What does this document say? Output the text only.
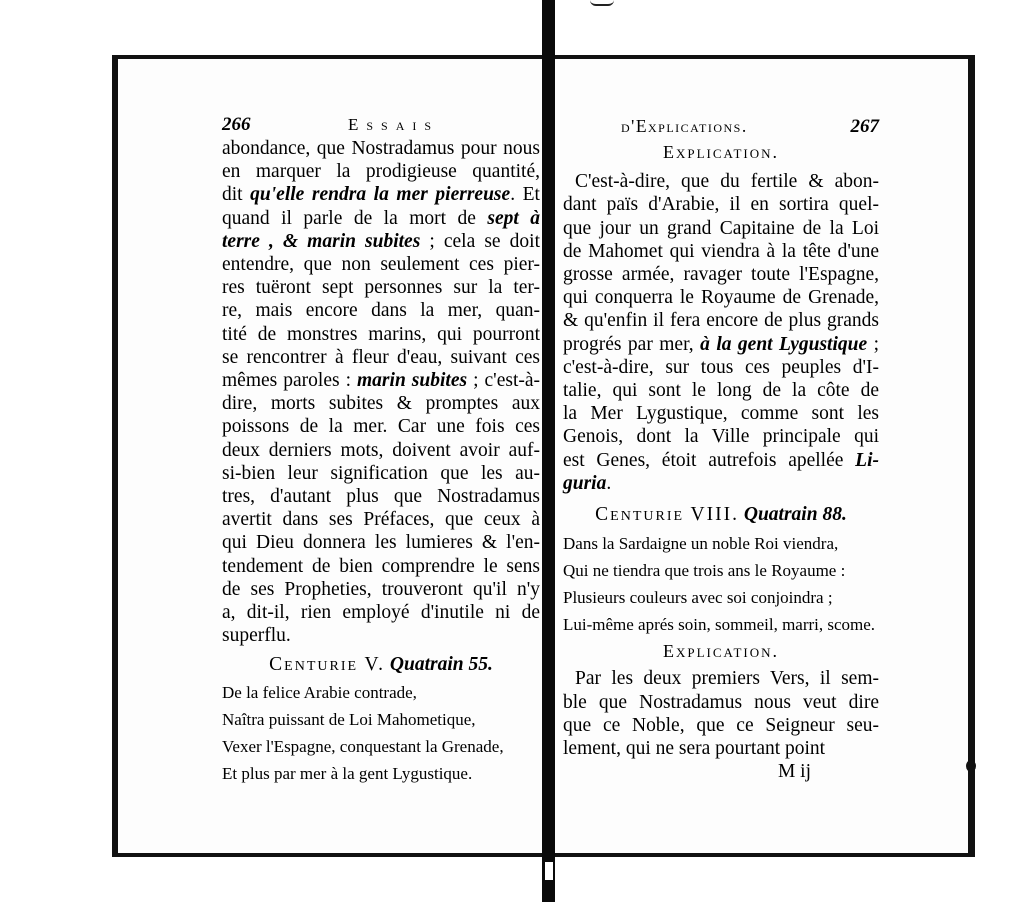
266	Essais
abondance, que Nostradamus pour nous
en marquer la prodigieuse quantité,
dit qu'elle rendra la mer pierreuse. Et
quand il parle de la mort de sept à
terre , & marin subites ; cela se doit
entendre, que non seulement ces pier-
res tuëront sept personnes sur la ter-
re, mais encore dans la mer, quan-
tité de monstres marins, qui pourront
se rencontrer à fleur d'eau, suivant ces
mêmes paroles : marin subites ; c'est-à-
dire, morts subites & promptes aux
poissons de la mer. Car une fois ces
deux derniers mots, doivent avoir auf-
si-bien leur signification que les au-
tres, d'autant plus que Nostradamus
avertit dans ses Préfaces, que ceux à
qui Dieu donnera les lumieres & l'en-
tendement de bien comprendre le sens
de ses Propheties, trouveront qu'il n'y
a, dit-il, rien employé d'inutile ni de
superflu.
Centurie V. Quatrain 55.
De la felice Arabie contrade,
Naîtra puissant de Loi Mahometique,
Vexer l'Espagne, conquestant la Grenade,
Et plus par mer à la gent Lygustique.
d'Explications.	267
Explication.
C'est-à-dire, que du fertile & abon-
dant païs d'Arabie, il en sortira quel-
que jour un grand Capitaine de la Loi
de Mahomet qui viendra à la tête d'une
grosse armée, ravager toute l'Espagne,
qui conquerra le Royaume de Grenade,
& qu'enfin il fera encore de plus grands
progrés par mer, à la gent Lygustique ;
c'est-à-dire, sur tous ces peuples d'I-
talie, qui sont le long de la côte de
la Mer Lygustique, comme sont les
Genois, dont la Ville principale qui
est Genes, étoit autrefois apellée Li-
guria.
Centurie VIII. Quatrain 88.
Dans la Sardaigne un noble Roi viendra,
Qui ne tiendra que trois ans le Royaume :
Plusieurs couleurs avec soi conjoindra ;
Lui-même aprés soin, sommeil, marri, scome.
Explication.
Par les deux premiers Vers, il sem-
ble que Nostradamus nous veut dire
que ce Noble, que ce Seigneur seu-
lement, qui ne sera pourtant point
M ij
